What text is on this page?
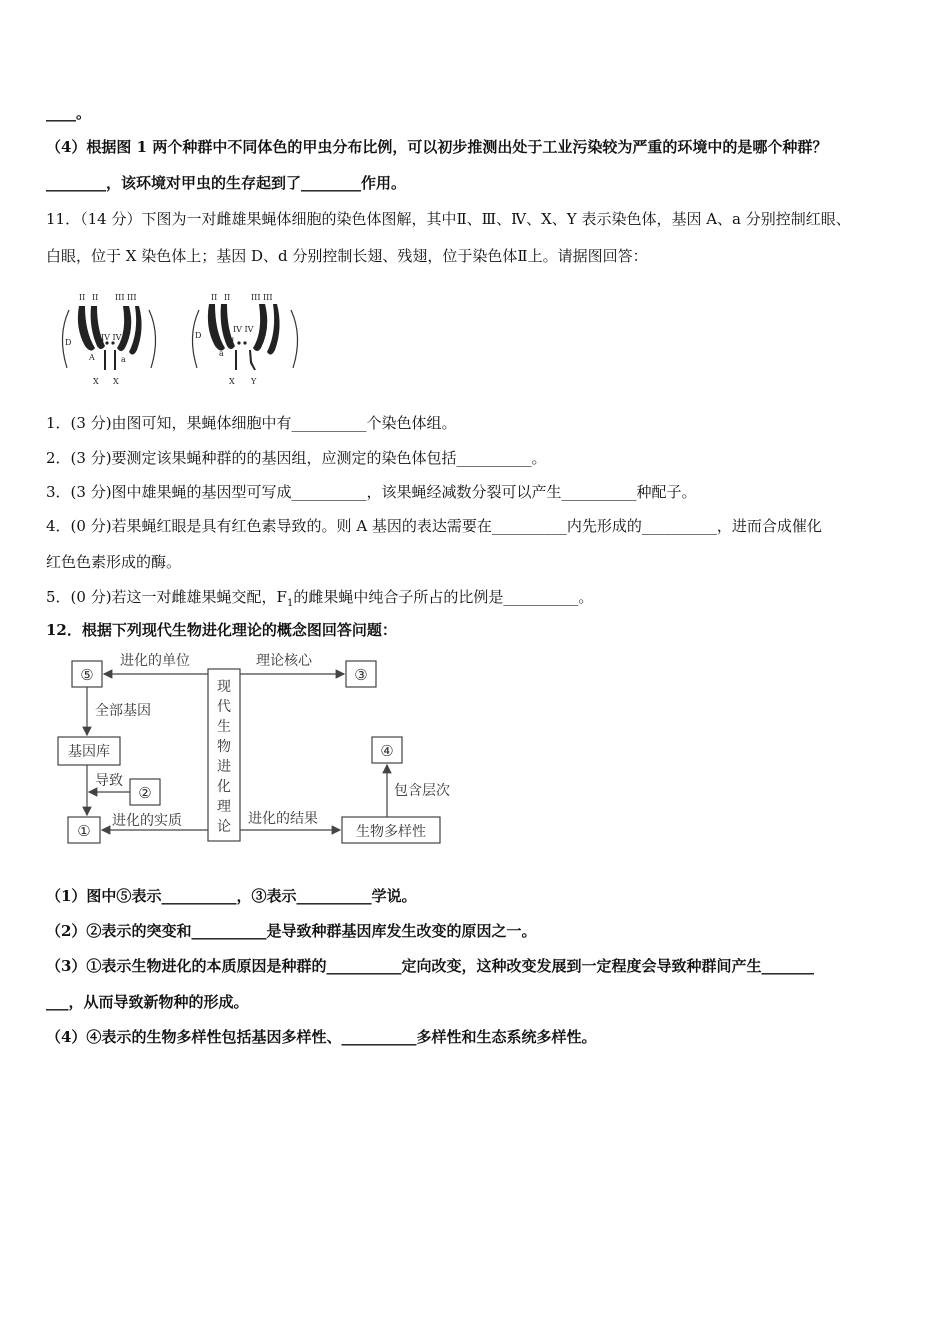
____。
（4）根据图 1 两个种群中不同体色的甲虫分布比例，可以初步推测出处于工业污染较为严重的环境中的是哪个种群？
________，该环境对甲虫的生存起到了________作用。
11．（14 分）下图为一对雌雄果蝇体细胞的染色体图解，其中Ⅱ、Ⅲ、Ⅳ、X、Y 表示染色体，基因 A、a 分别控制红眼、
白眼，位于 X 染色体上；基因 D、d 分别控制长翅、残翅，位于染色体Ⅱ上。请据图回答：
II II III III
IV IV
D	d
A	a
X X
II II	III III
IV IV
D
d
a
X Y
1．(3 分)由图可知，果蝇体细胞中有__________个染色体组。
2．(3 分)要测定该果蝇种群的的基因组，应测定的染色体包括__________。
3．(3 分)图中雄果蝇的基因型可写成__________，该果蝇经减数分裂可以产生__________种配子。
4．(0 分)若果蝇红眼是具有红色素导致的。则 A 基因的表达需要在__________内先形成的__________，进而合成催化
红色色素形成的酶。
5．(0 分)若这一对雌雄果蝇交配，$F_1$的雌果蝇中纯合子所占的比例是__________。
12．根据下列现代生物进化理论的概念图回答问题：
⑤	③
④
②
①
现
代
生
物
进
化
理
论
基因库
生物多样性
进化的单位	理论核心
全部基因
导致
进化的实质	进化的结果
包含层次
（1）图中⑤表示__________，③表示__________学说。
（2）②表示的突变和__________是导致种群基因库发生改变的原因之一。
（3）①表示生物进化的本质原因是种群的__________定向改变，这种改变发展到一定程度会导致种群间产生_______
___，从而导致新物种的形成。
（4）④表示的生物多样性包括基因多样性、__________多样性和生态系统多样性。
